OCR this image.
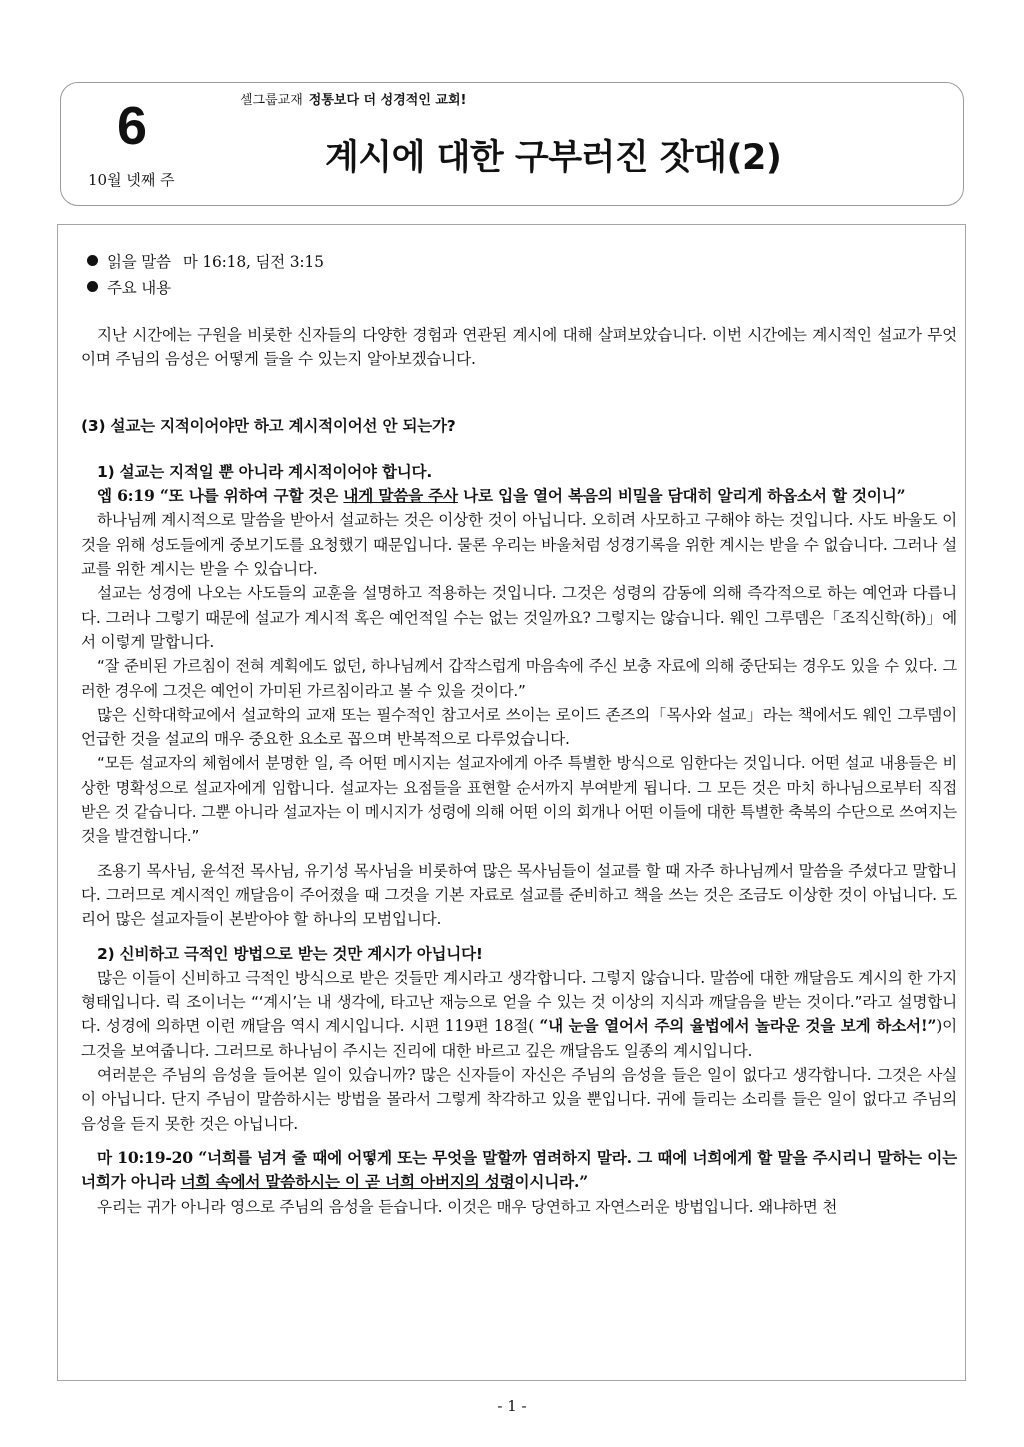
6
10월 넷째 주
셀그룹교재 정통보다 더 성경적인 교회!
계시에 대한 구부러진 잣대(2)
읽을 말씀 마 16:18, 딤전 3:15
주요 내용

지난 시간에는 구원을 비롯한 신자들의 다양한 경험과 연관된 계시에 대해 살펴보았습니다. 이번 시간에는 계시적인 설교가 무엇이며 주님의 음성은 어떻게 들을 수 있는지 알아보겠습니다.

(3) 설교는 지적이어야만 하고 계시적이어선 안 되는가?

1) 설교는 지적일 뿐 아니라 계시적이어야 합니다.

엡 6:19 “또 나를 위하여 구할 것은 내게 말씀을 주사 나로 입을 열어 복음의 비밀을 담대히 알리게 하옵소서 할 것이니”

하나님께 계시적으로 말씀을 받아서 설교하는 것은 이상한 것이 아닙니다. 오히려 사모하고 구해야 하는 것입니다. 사도 바울도 이것을 위해 성도들에게 중보기도를 요청했기 때문입니다. 물론 우리는 바울처럼 성경기록을 위한 계시는 받을 수 없습니다. 그러나 설교를 위한 계시는 받을 수 있습니다.

설교는 성경에 나오는 사도들의 교훈을 설명하고 적용하는 것입니다. 그것은 성령의 감동에 의해 즉각적으로 하는 예언과 다릅니다. 그러나 그렇기 때문에 설교가 계시적 혹은 예언적일 수는 없는 것일까요? 그렇지는 않습니다. 웨인 그루뎀은「조직신학(하)」에서 이렇게 말합니다.

“잘 준비된 가르침이 전혀 계획에도 없던, 하나님께서 갑작스럽게 마음속에 주신 보충 자료에 의해 중단되는 경우도 있을 수 있다. 그러한 경우에 그것은 예언이 가미된 가르침이라고 볼 수 있을 것이다.”

많은 신학대학교에서 설교학의 교재 또는 필수적인 참고서로 쓰이는 로이드 존즈의「목사와 설교」라는 책에서도 웨인 그루뎀이 언급한 것을 설교의 매우 중요한 요소로 꼽으며 반복적으로 다루었습니다.

“모든 설교자의 체험에서 분명한 일, 즉 어떤 메시지는 설교자에게 아주 특별한 방식으로 임한다는 것입니다. 어떤 설교 내용들은 비상한 명확성으로 설교자에게 임합니다. 설교자는 요점들을 표현할 순서까지 부여받게 됩니다. 그 모든 것은 마치 하나님으로부터 직접 받은 것 같습니다. 그뿐 아니라 설교자는 이 메시지가 성령에 의해 어떤 이의 회개나 어떤 이들에 대한 특별한 축복의 수단으로 쓰여지는 것을 발견합니다.”

조용기 목사님, 윤석전 목사님, 유기성 목사님을 비롯하여 많은 목사님들이 설교를 할 때 자주 하나님께서 말씀을 주셨다고 말합니다. 그러므로 계시적인 깨달음이 주어졌을 때 그것을 기본 자료로 설교를 준비하고 책을 쓰는 것은 조금도 이상한 것이 아닙니다. 도리어 많은 설교자들이 본받아야 할 하나의 모범입니다.

2) 신비하고 극적인 방법으로 받는 것만 계시가 아닙니다!

많은 이들이 신비하고 극적인 방식으로 받은 것들만 계시라고 생각합니다. 그렇지 않습니다. 말씀에 대한 깨달음도 계시의 한 가지 형태입니다. 릭 조이너는 “‘계시’는 내 생각에, 타고난 재능으로 얻을 수 있는 것 이상의 지식과 깨달음을 받는 것이다.”라고 설명합니다. 성경에 의하면 이런 깨달음 역시 계시입니다. 시편 119편 18절( “내 눈을 열어서 주의 율법에서 놀라운 것을 보게 하소서!”)이 그것을 보여줍니다. 그러므로 하나님이 주시는 진리에 대한 바르고 깊은 깨달음도 일종의 계시입니다.

여러분은 주님의 음성을 들어본 일이 있습니까? 많은 신자들이 자신은 주님의 음성을 들은 일이 없다고 생각합니다. 그것은 사실이 아닙니다. 단지 주님이 말씀하시는 방법을 몰라서 그렇게 착각하고 있을 뿐입니다. 귀에 들리는 소리를 들은 일이 없다고 주님의 음성을 듣지 못한 것은 아닙니다.

마 10:19-20 “너희를 넘겨 줄 때에 어떻게 또는 무엇을 말할까 염려하지 말라. 그 때에 너희에게 할 말을 주시리니 말하는 이는 너희가 아니라 너희 속에서 말씀하시는 이 곧 너희 아버지의 성령이시니라.”

우리는 귀가 아니라 영으로 주님의 음성을 듣습니다. 이것은 매우 당연하고 자연스러운 방법입니다. 왜냐하면 천

- 1 -
